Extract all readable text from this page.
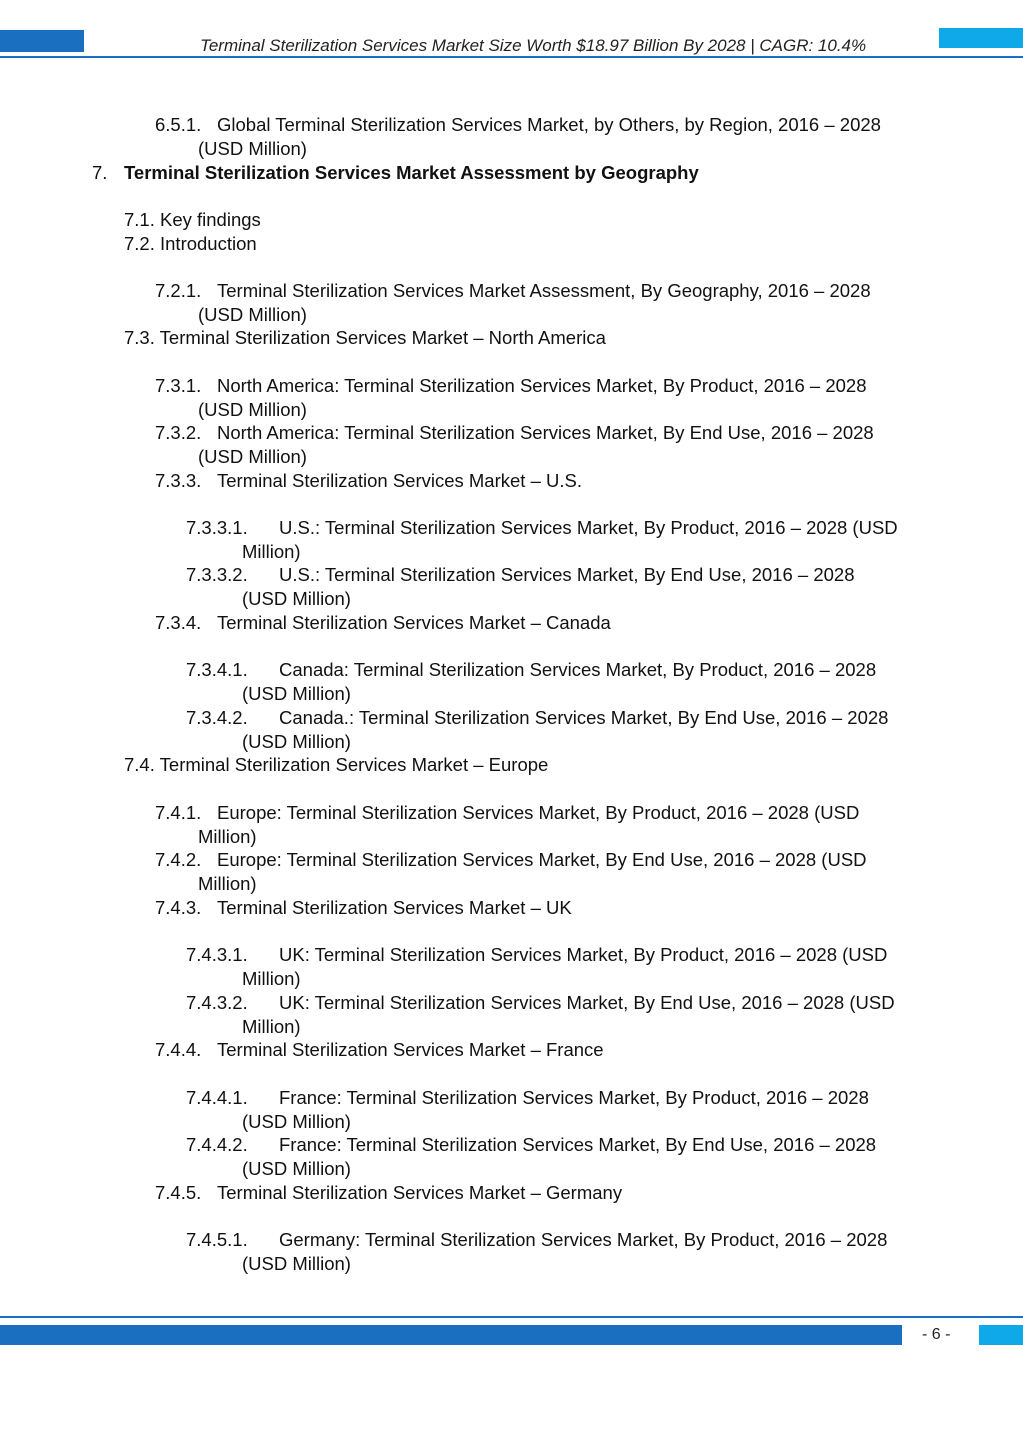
Terminal Sterilization Services Market Size Worth $18.97 Billion By 2028 | CAGR: 10.4%
6.5.1. Global Terminal Sterilization Services Market, by Others, by Region, 2016 – 2028
(USD Million)
7. Terminal Sterilization Services Market Assessment by Geography
7.1. Key findings
7.2. Introduction
7.2.1. Terminal Sterilization Services Market Assessment, By Geography, 2016 – 2028
(USD Million)
7.3. Terminal Sterilization Services Market – North America
7.3.1. North America: Terminal Sterilization Services Market, By Product, 2016 – 2028
(USD Million)
7.3.2. North America: Terminal Sterilization Services Market, By End Use, 2016 – 2028
(USD Million)
7.3.3. Terminal Sterilization Services Market – U.S.
7.3.3.1. U.S.: Terminal Sterilization Services Market, By Product, 2016 – 2028 (USD
Million)
7.3.3.2. U.S.: Terminal Sterilization Services Market, By End Use, 2016 – 2028
(USD Million)
7.3.4. Terminal Sterilization Services Market – Canada
7.3.4.1. Canada: Terminal Sterilization Services Market, By Product, 2016 – 2028
(USD Million)
7.3.4.2. Canada.: Terminal Sterilization Services Market, By End Use, 2016 – 2028
(USD Million)
7.4. Terminal Sterilization Services Market – Europe
7.4.1. Europe: Terminal Sterilization Services Market, By Product, 2016 – 2028 (USD
Million)
7.4.2. Europe: Terminal Sterilization Services Market, By End Use, 2016 – 2028 (USD
Million)
7.4.3. Terminal Sterilization Services Market – UK
7.4.3.1. UK: Terminal Sterilization Services Market, By Product, 2016 – 2028 (USD
Million)
7.4.3.2. UK: Terminal Sterilization Services Market, By End Use, 2016 – 2028 (USD
Million)
7.4.4. Terminal Sterilization Services Market – France
7.4.4.1. France: Terminal Sterilization Services Market, By Product, 2016 – 2028
(USD Million)
7.4.4.2. France: Terminal Sterilization Services Market, By End Use, 2016 – 2028
(USD Million)
7.4.5. Terminal Sterilization Services Market – Germany
7.4.5.1. Germany: Terminal Sterilization Services Market, By Product, 2016 – 2028
(USD Million)
- 6 -
